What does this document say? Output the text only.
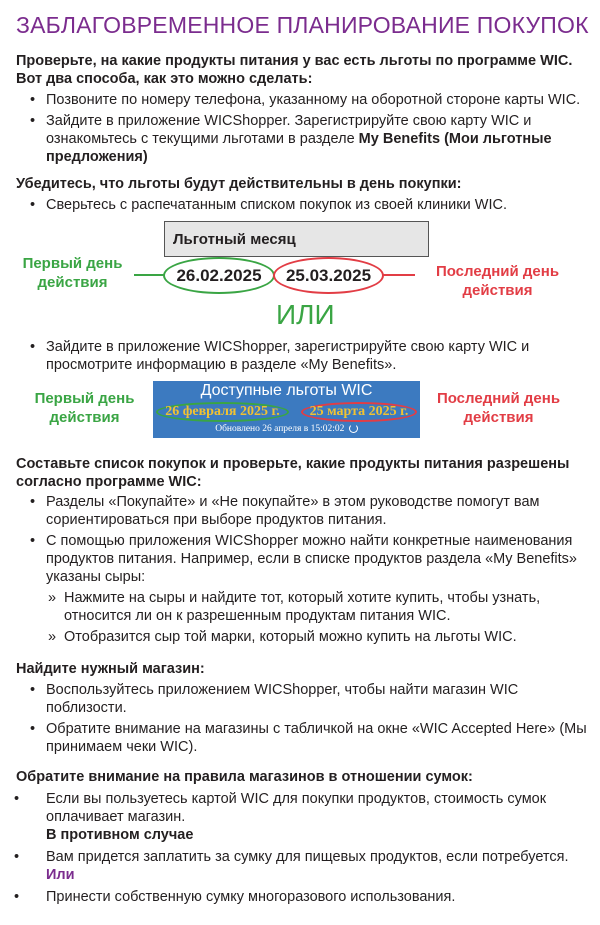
ЗАБЛАГОВРЕМЕННОЕ ПЛАНИРОВАНИЕ ПОКУПОК
Проверьте, на какие продукты питания у вас есть льготы по программе WIC. Вот два способа, как это можно сделать:
• Позвоните по номеру телефона, указанному на оборотной стороне карты WIC.
• Зайдите в приложение WICShopper. Зарегистрируйте свою карту WIC и ознакомьтесь с текущими льготами в разделе My Benefits (Мои льготные предложения)
Убедитесь, что льготы будут действительны в день покупки:
• Сверьтесь с распечатанным списком покупок из своей клиники WIC.
Первый день действия
Последний день действия
Льготный месяц
26.02.2025	25.03.2025
ИЛИ
• Зайдите в приложение WICShopper, зарегистрируйте свою карту WIC и просмотрите информацию в разделе «My Benefits».
Первый день действия
Последний день действия
Доступные льготы WIC
26 февраля 2025 г.	25 марта 2025 г.
Обновлено 26 апреля в 15:02:02
Составьте список покупок и проверьте, какие продукты питания разрешены согласно программе WIC:
• Разделы «Покупайте» и «Не покупайте» в этом руководстве помогут вам сориентироваться при выборе продуктов питания.
• С помощью приложения WICShopper можно найти конкретные наименования продуктов питания. Например, если в списке продуктов раздела «My Benefits» указаны сыры:
» Нажмите на сыры и найдите тот, который хотите купить, чтобы узнать, относится ли он к разрешенным продуктам питания WIC.
» Отобразится сыр той марки, который можно купить на льготы WIC.
Найдите нужный магазин:
• Воспользуйтесь приложением WICShopper, чтобы найти магазин WIC поблизости.
• Обратите внимание на магазины с табличкой на окне «WIC Accepted Here» (Мы принимаем чеки WIC).
Обратите внимание на правила магазинов в отношении сумок:
• Если вы пользуетесь картой WIC для покупки продуктов, стоимость сумок оплачивает магазин.
В противном случае
• Вам придется заплатить за сумку для пищевых продуктов, если потребуется.
Или
• Принести собственную сумку многоразового использования.
